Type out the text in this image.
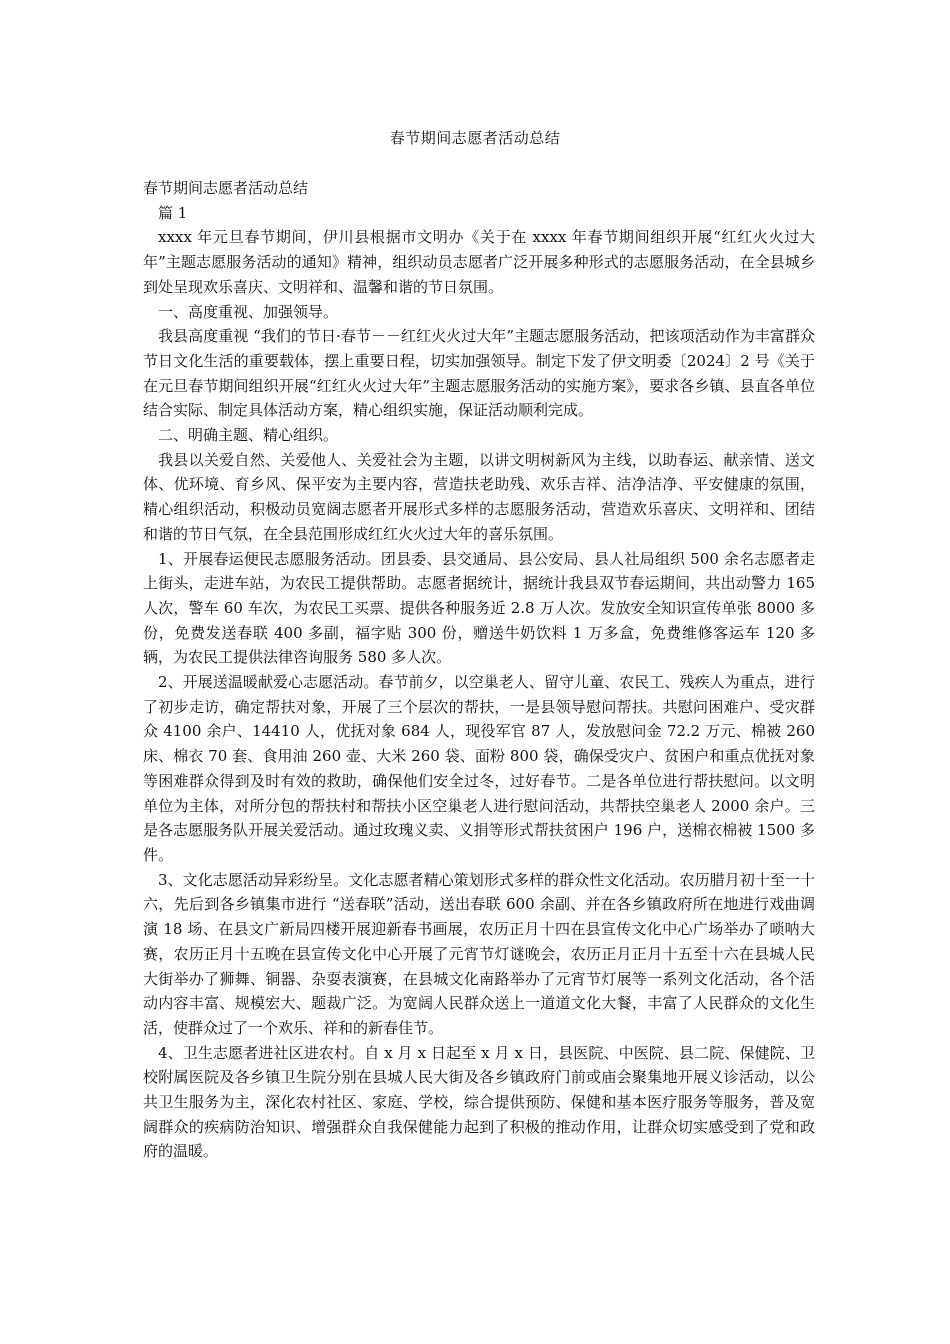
春节期间志愿者活动总结

春节期间志愿者活动总结

篇 1

xxxx 年元旦春节期间，伊川县根据市文明办《关于在 xxxx 年春节期间组织开展“红红火火过大年”主题志愿服务活动的通知》精神，组织动员志愿者广泛开展多种形式的志愿服务活动，在全县城乡到处呈现欢乐喜庆、文明祥和、温馨和谐的节日氛围。

一、高度重视、加强领导。

我县高度重视 “我们的节日·春节－－红红火火过大年”主题志愿服务活动，把该项活动作为丰富群众节日文化生活的重要载体，摆上重要日程，切实加强领导。制定下发了伊文明委〔2024〕2 号《关于在元旦春节期间组织开展“红红火火过大年”主题志愿服务活动的实施方案》，要求各乡镇、县直各单位结合实际、制定具体活动方案，精心组织实施，保证活动顺利完成。

二、明确主题、精心组织。

我县以关爱自然、关爱他人、关爱社会为主题，以讲文明树新风为主线，以助春运、献亲情、送文体、优环境、育乡风、保平安为主要内容，营造扶老助残、欢乐吉祥、洁净洁净、平安健康的氛围，精心组织活动，积极动员宽阔志愿者开展形式多样的志愿服务活动，营造欢乐喜庆、文明祥和、团结和谐的节日气氛，在全县范围形成红红火火过大年的喜乐氛围。

1、开展春运便民志愿服务活动。团县委、县交通局、县公安局、县人社局组织 500 余名志愿者走上街头，走进车站，为农民工提供帮助。志愿者据统计，据统计我县双节春运期间，共出动警力 165 人次，警车 60 车次，为农民工买票、提供各种服务近 2.8 万人次。发放安全知识宣传单张 8000 多份，免费发送春联 400 多副，福字贴 300 份，赠送牛奶饮料 1 万多盒，免费维修客运车 120 多辆，为农民工提供法律咨询服务 580 多人次。

2、开展送温暖献爱心志愿活动。春节前夕，以空巢老人、留守儿童、农民工、残疾人为重点，进行了初步走访，确定帮扶对象，开展了三个层次的帮扶，一是县领导慰问帮扶。共慰问困难户、受灾群众 4100 余户、14410 人，优抚对象 684 人，现役军官 87 人，发放慰问金 72.2 万元、棉被 260 床、棉衣 70 套、食用油 260 壶、大米 260 袋、面粉 800 袋，确保受灾户、贫困户和重点优抚对象等困难群众得到及时有效的救助，确保他们安全过冬，过好春节。二是各单位进行帮扶慰问。以文明单位为主体，对所分包的帮扶村和帮扶小区空巢老人进行慰问活动，共帮扶空巢老人 2000 余户。三是各志愿服务队开展关爱活动。通过玫瑰义卖、义捐等形式帮扶贫困户 196 户，送棉衣棉被 1500 多件。

3、文化志愿活动异彩纷呈。文化志愿者精心策划形式多样的群众性文化活动。农历腊月初十至一十六，先后到各乡镇集市进行 “送春联”活动，送出春联 600 余副、并在各乡镇政府所在地进行戏曲调演 18 场、在县文广新局四楼开展迎新春书画展，农历正月十四在县宣传文化中心广场举办了唢呐大赛，农历正月十五晚在县宣传文化中心开展了元宵节灯谜晚会，农历正月正月十五至十六在县城人民大街举办了狮舞、铜器、杂耍表演赛，在县城文化南路举办了元宵节灯展等一系列文化活动，各个活动内容丰富、规模宏大、题裁广泛。为宽阔人民群众送上一道道文化大餐，丰富了人民群众的文化生活，使群众过了一个欢乐、祥和的新春佳节。

4、卫生志愿者进社区进农村。自 x 月 x 日起至 x 月 x 日，县医院、中医院、县二院、保健院、卫校附属医院及各乡镇卫生院分别在县城人民大街及各乡镇政府门前或庙会聚集地开展义诊活动，以公共卫生服务为主，深化农村社区、家庭、学校，综合提供预防、保健和基本医疗服务等服务，普及宽阔群众的疾病防治知识、增强群众自我保健能力起到了积极的推动作用，让群众切实感受到了党和政府的温暖。
